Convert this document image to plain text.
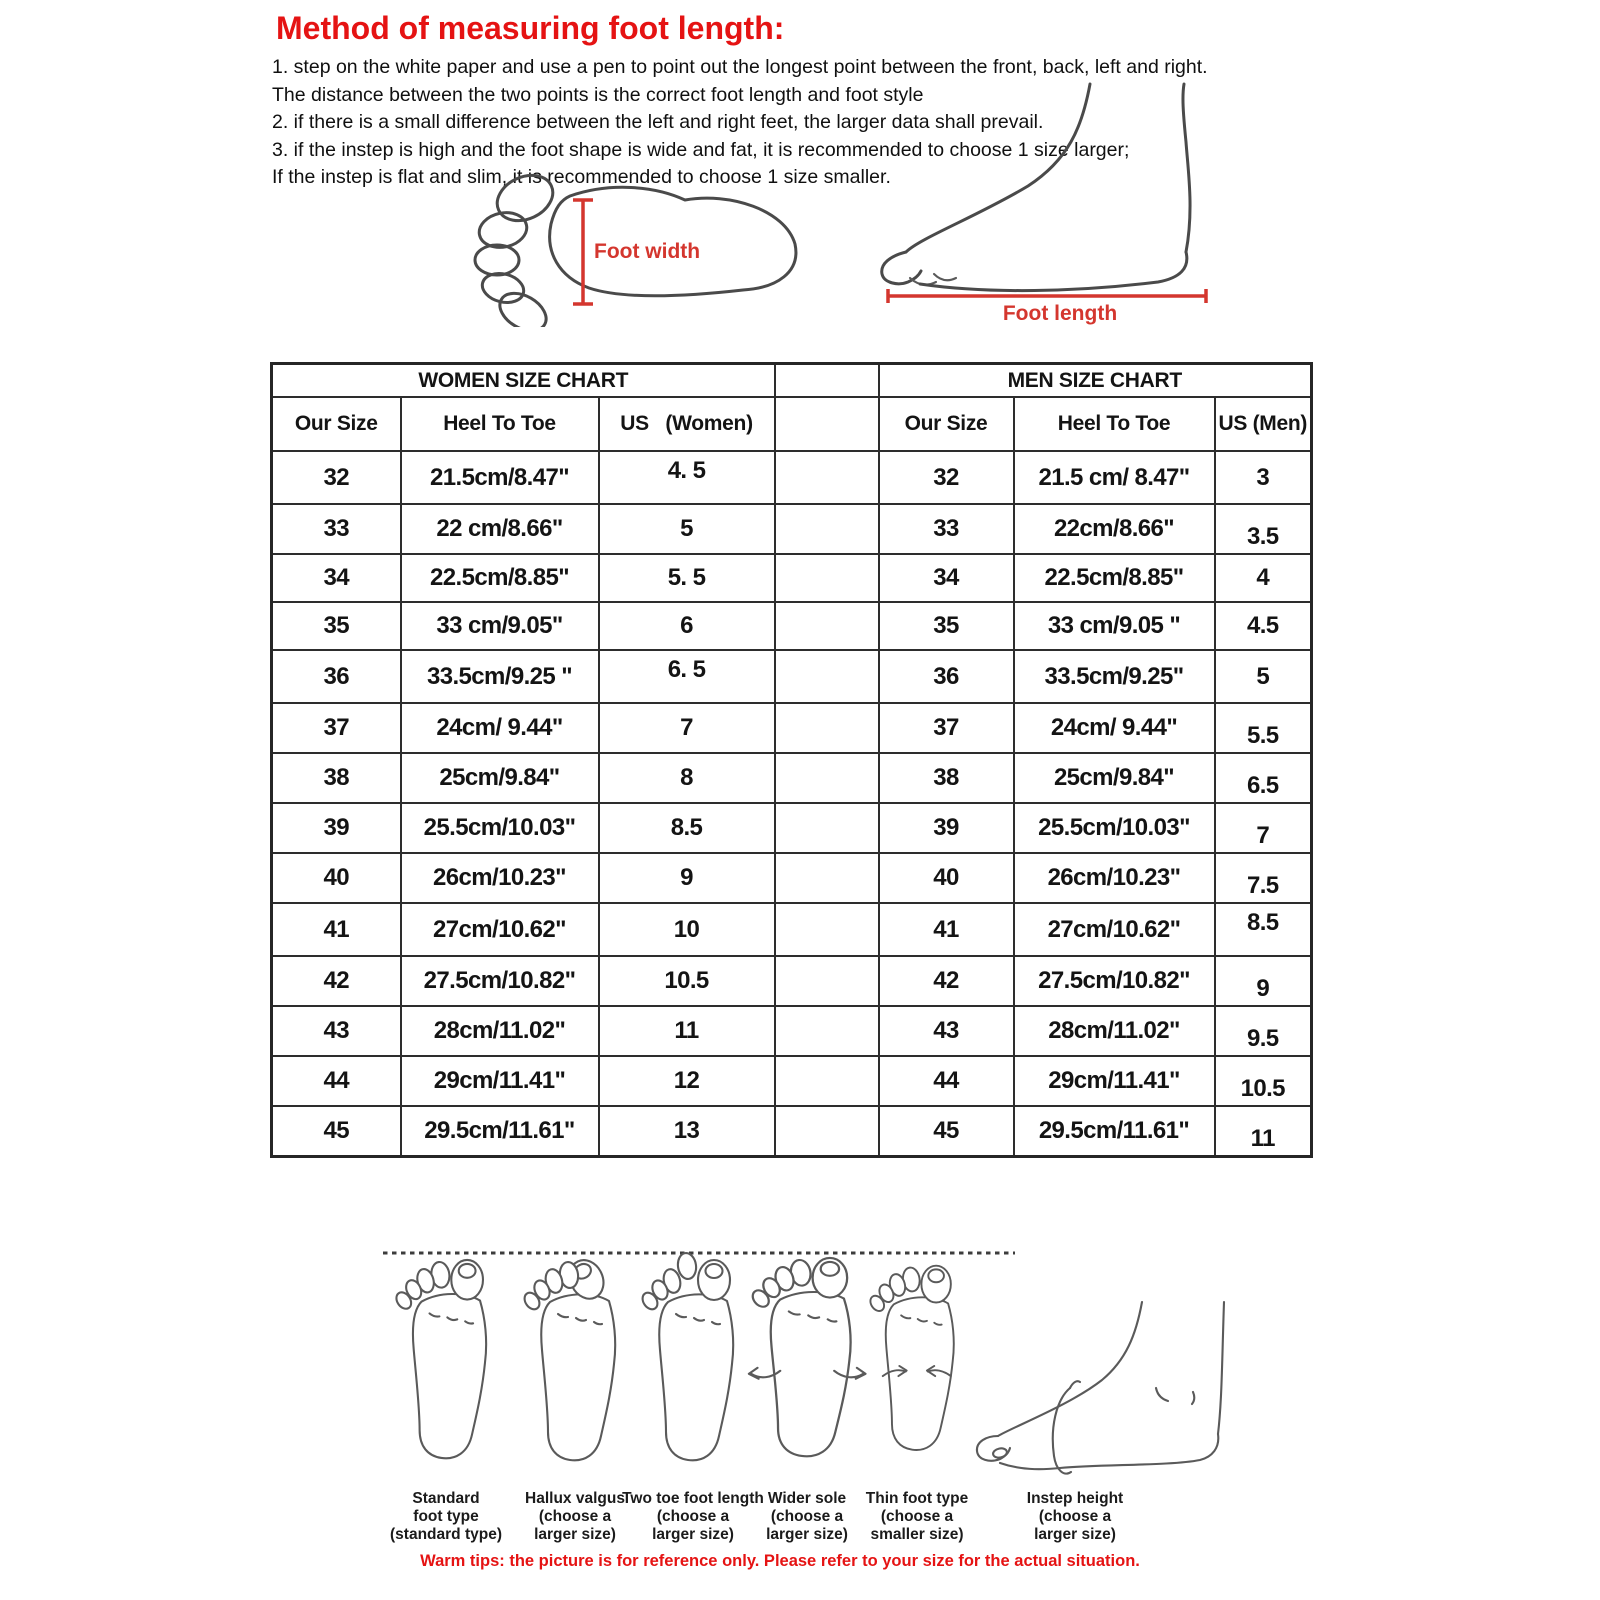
Method of measuring foot length:
1. step on the white paper and use a pen to point out the longest point between the front, back, left and right.
The distance between the two points is the correct foot length and foot style
2. if there is a small difference between the left and right feet, the larger data shall prevail.
3. if the instep is high and the foot shape is wide and fat, it is recommended to choose 1 size larger;
If the instep is flat and slim, it is recommended to choose 1 size smaller.
Foot width
Foot length
WOMEN SIZE CHART				MEN SIZE CHART		
Our Size	Heel To Toe	US   (Women)		Our Size	Heel To Toe	US (Men)
32	21.5cm/8.47"	4. 5		32	21.5 cm/ 8.47"	3
33	22 cm/8.66"	5		33	22cm/8.66"	3.5
34	22.5cm/8.85"	5. 5		34	22.5cm/8.85"	4
35	33 cm/9.05"	6		35	33 cm/9.05 "	4.5
36	33.5cm/9.25 "	6. 5		36	33.5cm/9.25"	5
37	24cm/ 9.44"	7		37	24cm/ 9.44"	5.5
38	25cm/9.84"	8		38	25cm/9.84"	6.5
39	25.5cm/10.03"	8.5		39	25.5cm/10.03"	7
40	26cm/10.23"	9		40	26cm/10.23"	7.5
41	27cm/10.62"	10		41	27cm/10.62"	8.5
42	27.5cm/10.82"	10.5		42	27.5cm/10.82"	9
43	28cm/11.02"	11		43	28cm/11.02"	9.5
44	29cm/11.41"	12		44	29cm/11.41"	10.5
45	29.5cm/11.61"	13		45	29.5cm/11.61"	11
Standard
foot type
(standard type)
Hallux valgus
(choose a
larger size)
Two toe foot length
(choose a
larger size)
Wider sole
(choose a
larger size)
Thin foot type
(choose a
smaller size)
Instep height
(choose a
larger size)
Warm tips: the picture is for reference only. Please refer to your size for the actual situation.
